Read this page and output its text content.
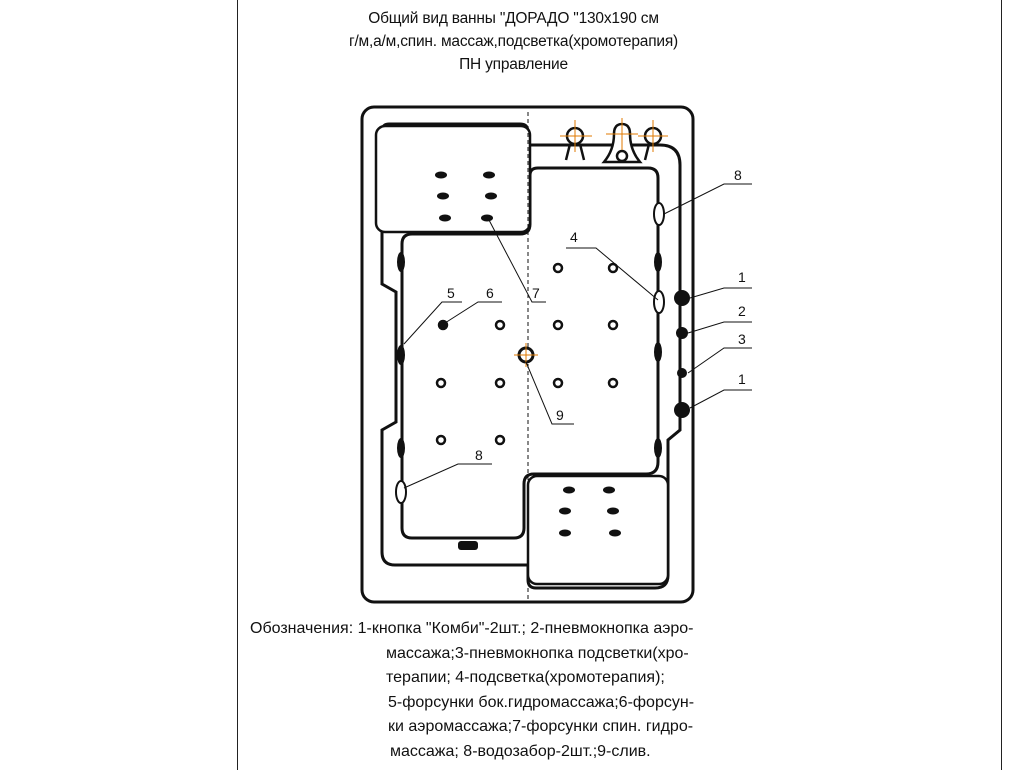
Общий вид ванны "ДОРАДО "130х190 см
г/м,а/м,спин. массаж,подсветка(хромотерапия)
ПН управление
1
2
3
1
8
4
5 6	7
9
8
Обозначения: 1-кнопка "Комби"-2шт.; 2-пневмокнопка аэро-
массажа;3-пневмокнопка подсветки(хро-
терапии; 4-подсветка(хромотерапия);
5-форсунки бок.гидромассажа;6-форсун-
ки аэромассажа;7-форсунки спин. гидро-
массажа; 8-водозабор-2шт.;9-слив.
